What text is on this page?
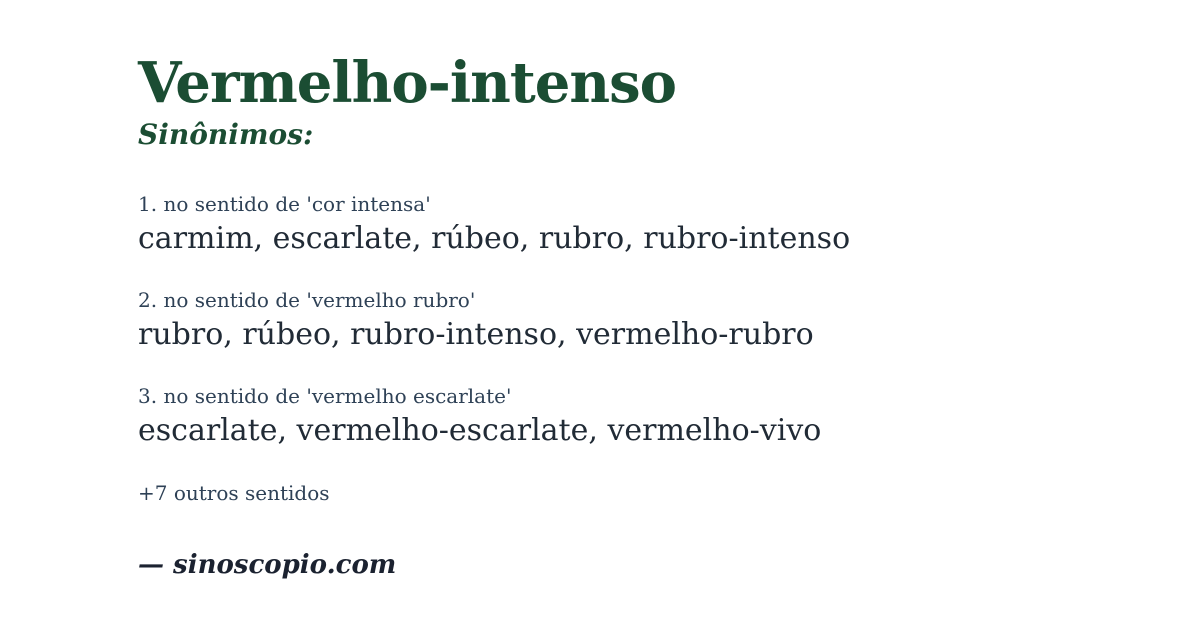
Vermelho-intenso
Sinônimos:
1. no sentido de 'cor intensa'
carmim, escarlate, rúbeo, rubro, rubro-intenso
2. no sentido de 'vermelho rubro'
rubro, rúbeo, rubro-intenso, vermelho-rubro
3. no sentido de 'vermelho escarlate'
escarlate, vermelho-escarlate, vermelho-vivo
+7 outros sentidos
— sinoscopio.com
